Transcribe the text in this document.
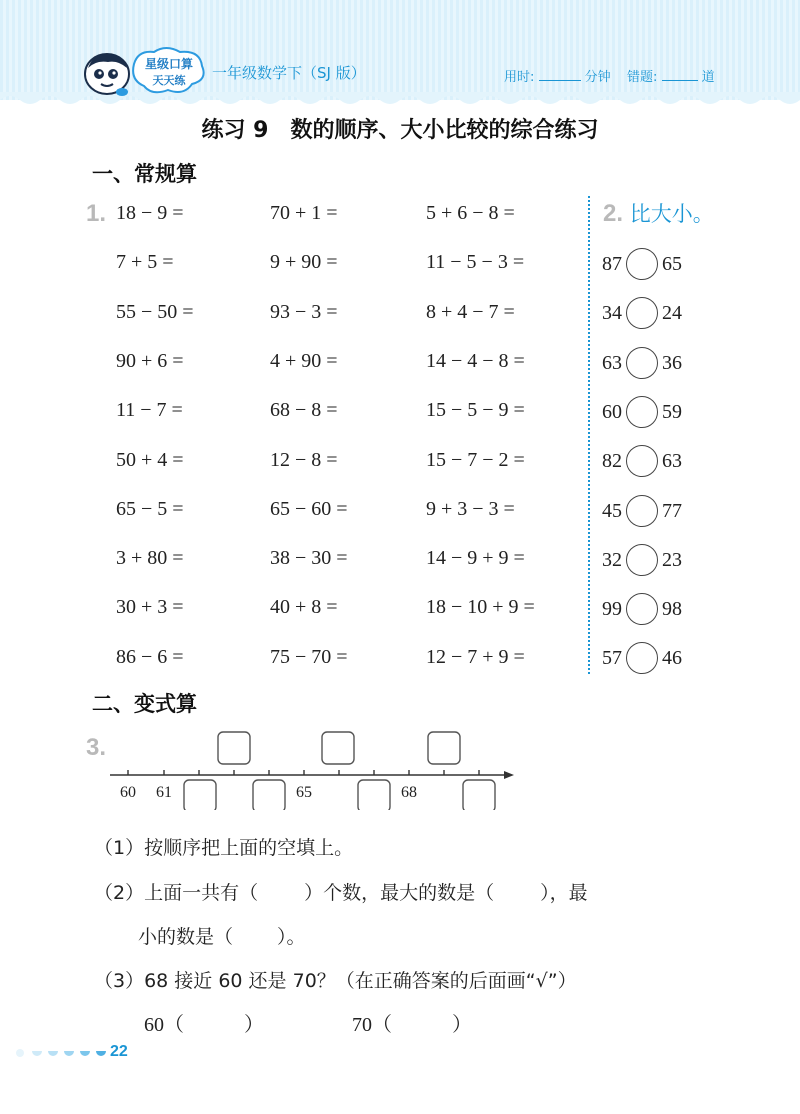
星级口算
天天练 一年级数学下（SJ 版）	用时:	分钟 错题:	道
练习 9　数的顺序、大小比较的综合练习
一、常规算
1. 18 − 9 =	70 + 1 =	5 + 6 − 8 =
7 + 5 =	9 + 90 =	11 − 5 − 3 =
55 − 50 =	93 − 3 =	8 + 4 − 7 =
90 + 6 =	4 + 90 =	14 − 4 − 8 =
11 − 7 =	68 − 8 =	15 − 5 − 9 =
50 + 4 =	12 − 8 =	15 − 7 − 2 =
65 − 5 =	65 − 60 =	9 + 3 − 3 =
3 + 80 =	38 − 30 =	14 − 9 + 9 =
30 + 3 =	40 + 8 =	18 − 10 + 9 =
86 − 6 =	75 − 70 =	12 − 7 + 9 =
2. 比大小。
87 65
34 24
63 36
60 59
82 63
45 77
32 23
99 98
57 46
二、变式算
3.
60 61	65	68
（1）按顺序把上面的空填上。
（2）上面一共有（ ）个数，最大的数是（ ），最
小的数是（ ）。
（3）68 接近 60 还是 70？（在正确答案的后面画“√”）
60（　　　）	70（　　　）
22
